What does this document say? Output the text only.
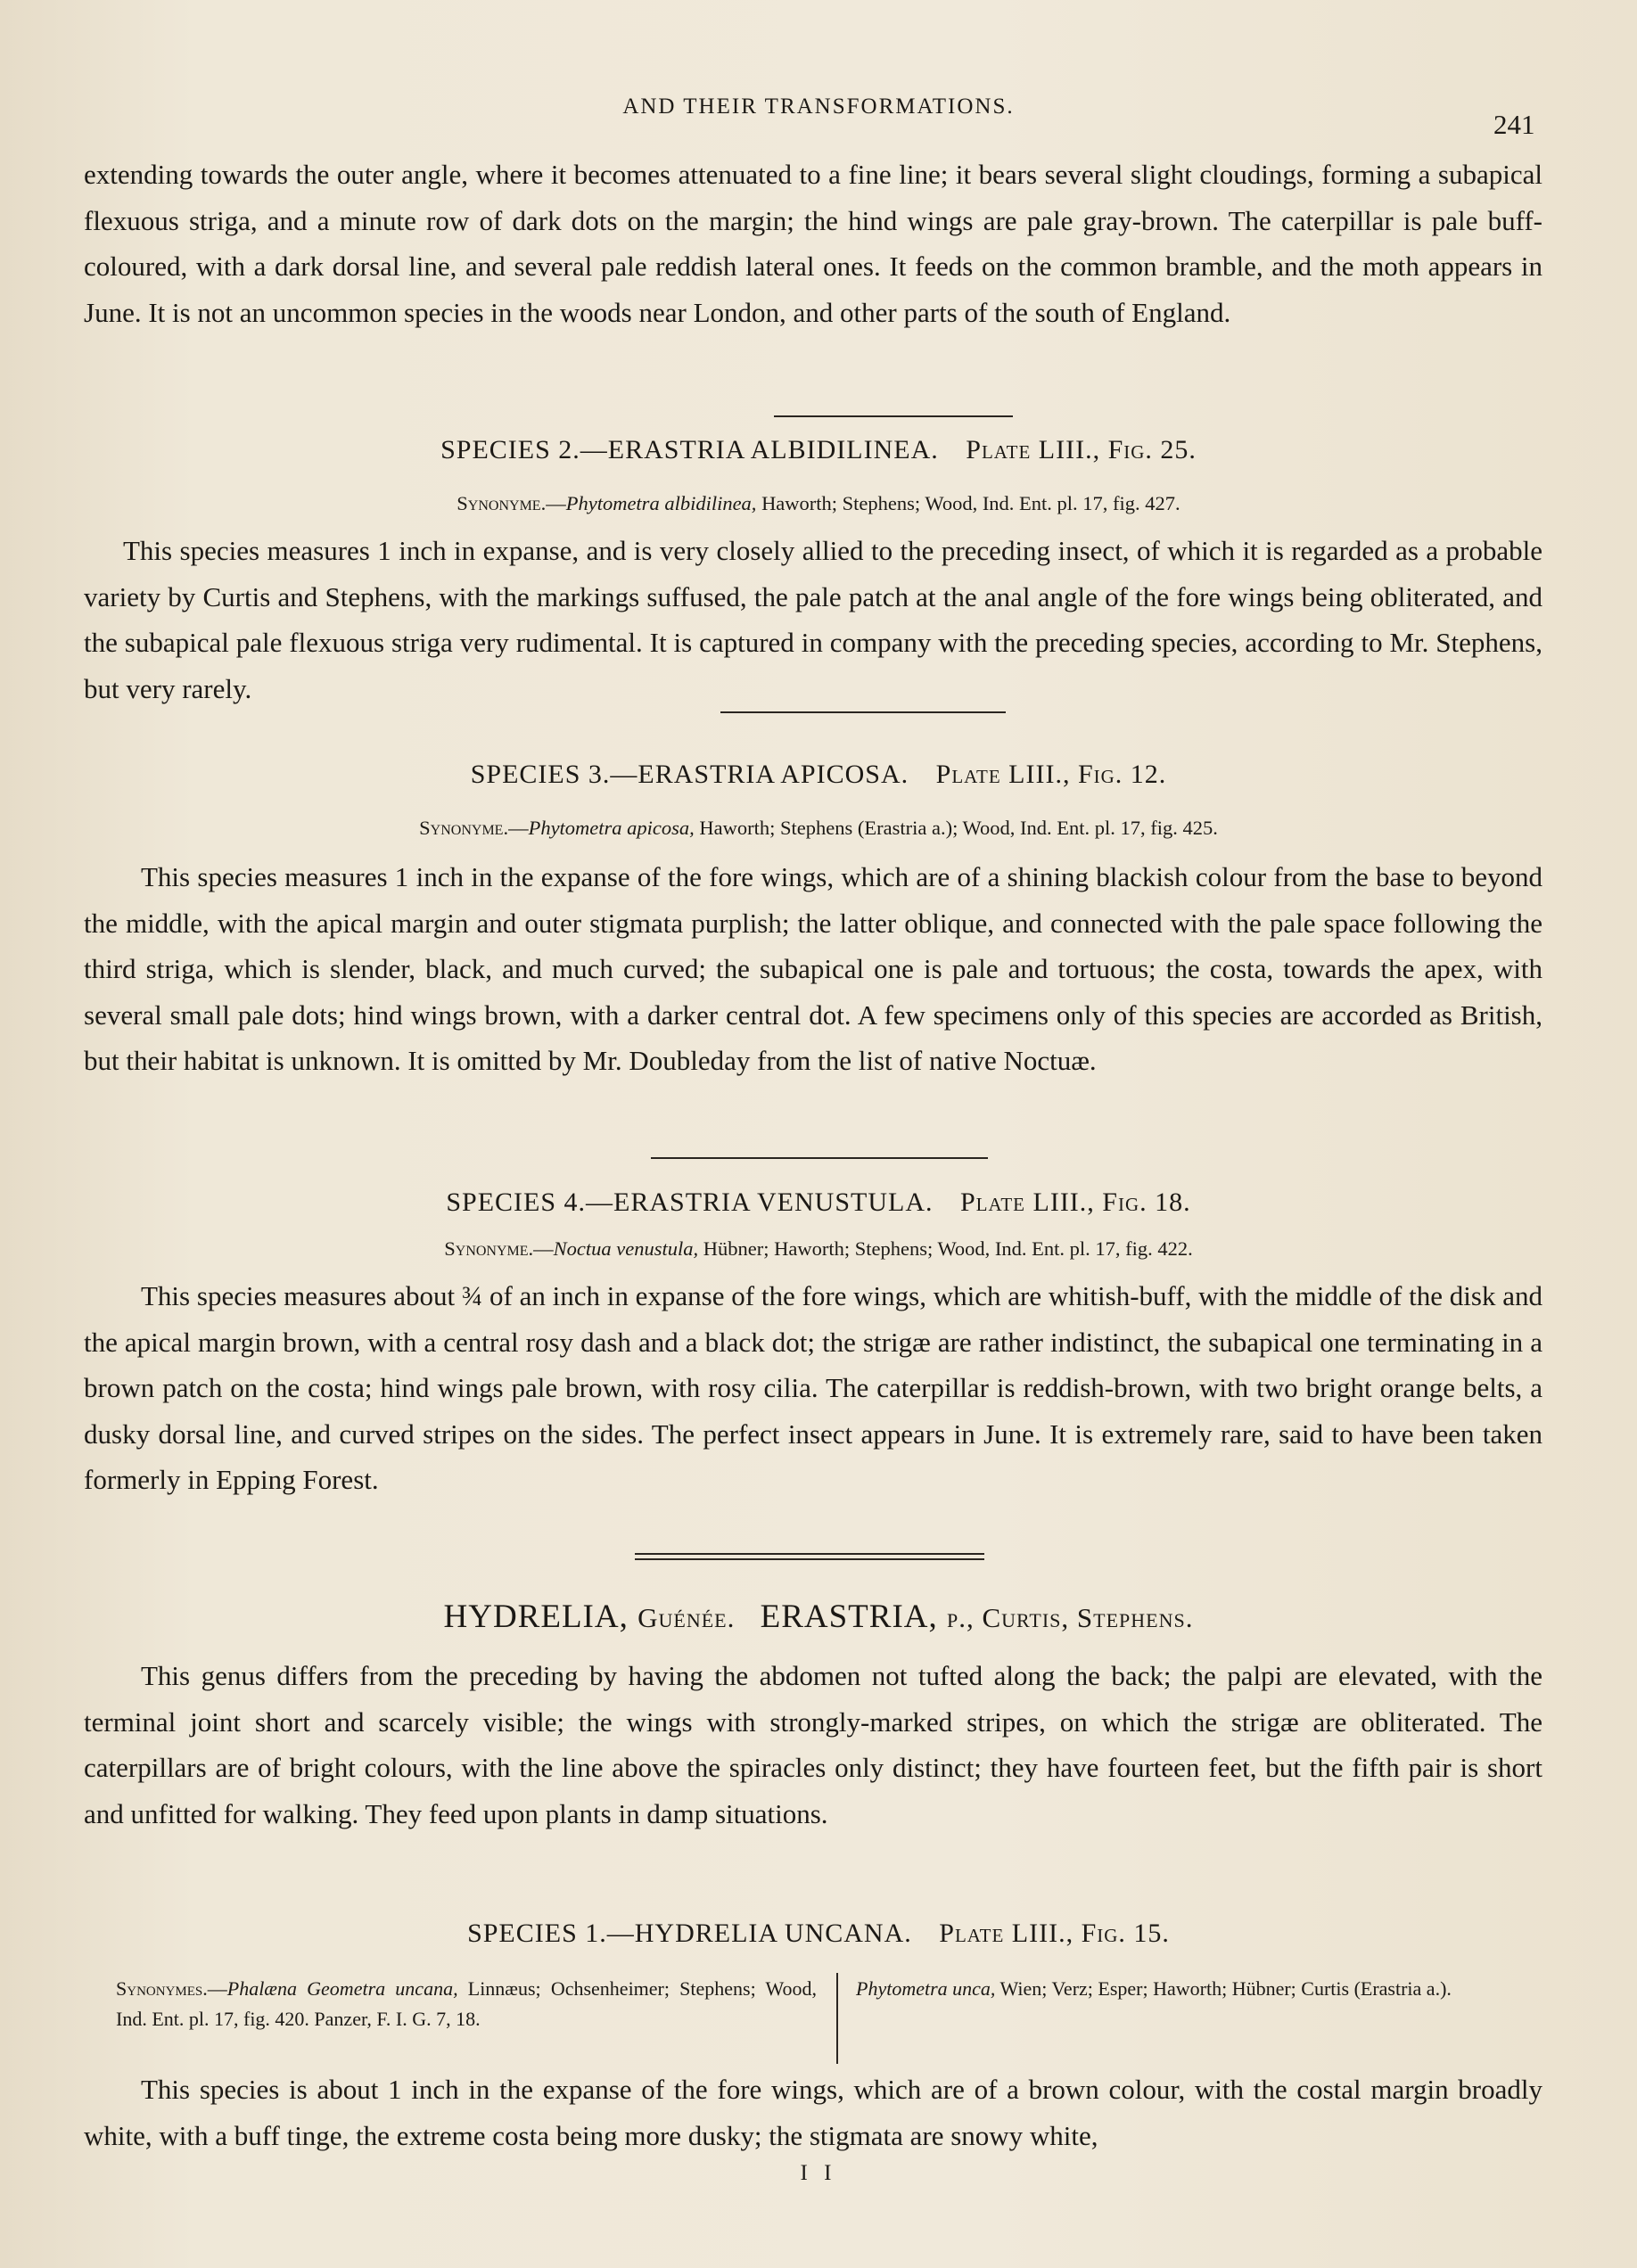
AND THEIR TRANSFORMATIONS.
241
extending towards the outer angle, where it becomes attenuated to a fine line; it bears several slight cloudings, forming a subapical flexuous striga, and a minute row of dark dots on the margin; the hind wings are pale gray-brown. The caterpillar is pale buff-coloured, with a dark dorsal line, and several pale reddish lateral ones. It feeds on the common bramble, and the moth appears in June. It is not an uncommon species in the woods near London, and other parts of the south of England.
SPECIES 2.—ERASTRIA ALBIDILINEA. Plate LIII., Fig. 25.
Synonyme.—Phytometra albidilinea, Haworth; Stephens; Wood, Ind. Ent. pl. 17, fig. 427.
This species measures 1 inch in expanse, and is very closely allied to the preceding insect, of which it is regarded as a probable variety by Curtis and Stephens, with the markings suffused, the pale patch at the anal angle of the fore wings being obliterated, and the subapical pale flexuous striga very rudimental. It is captured in company with the preceding species, according to Mr. Stephens, but very rarely.
SPECIES 3.—ERASTRIA APICOSA. Plate LIII., Fig. 12.
Synonyme.—Phytometra apicosa, Haworth; Stephens (Erastria a.); Wood, Ind. Ent. pl. 17, fig. 425.
This species measures 1 inch in the expanse of the fore wings, which are of a shining blackish colour from the base to beyond the middle, with the apical margin and outer stigmata purplish; the latter oblique, and connected with the pale space following the third striga, which is slender, black, and much curved; the subapical one is pale and tortuous; the costa, towards the apex, with several small pale dots; hind wings brown, with a darker central dot. A few specimens only of this species are accorded as British, but their habitat is unknown. It is omitted by Mr. Doubleday from the list of native Noctuæ.
SPECIES 4.—ERASTRIA VENUSTULA. Plate LIII., Fig. 18.
Synonyme.—Noctua venustula, Hübner; Haworth; Stephens; Wood, Ind. Ent. pl. 17, fig. 422.
This species measures about ¾ of an inch in expanse of the fore wings, which are whitish-buff, with the middle of the disk and the apical margin brown, with a central rosy dash and a black dot; the strigæ are rather indistinct, the subapical one terminating in a brown patch on the costa; hind wings pale brown, with rosy cilia. The caterpillar is reddish-brown, with two bright orange belts, a dusky dorsal line, and curved stripes on the sides. The perfect insect appears in June. It is extremely rare, said to have been taken formerly in Epping Forest.
HYDRELIA, Guénée. ERASTRIA, p., Curtis, Stephens.
This genus differs from the preceding by having the abdomen not tufted along the back; the palpi are elevated, with the terminal joint short and scarcely visible; the wings with strongly-marked stripes, on which the strigæ are obliterated. The caterpillars are of bright colours, with the line above the spiracles only distinct; they have fourteen feet, but the fifth pair is short and unfitted for walking. They feed upon plants in damp situations.
SPECIES 1.—HYDRELIA UNCANA. Plate LIII., Fig. 15.
Synonymes.—Phalæna Geometra uncana, Linnæus; Ochsenheimer; Stephens; Wood, Ind. Ent. pl. 17, fig. 420. Panzer, F. I. G. 7, 18.
Phytometra unca, Wien; Verz; Esper; Haworth; Hübner; Curtis (Erastria a.).
This species is about 1 inch in the expanse of the fore wings, which are of a brown colour, with the costal margin broadly white, with a buff tinge, the extreme costa being more dusky; the stigmata are snowy white,
I I
